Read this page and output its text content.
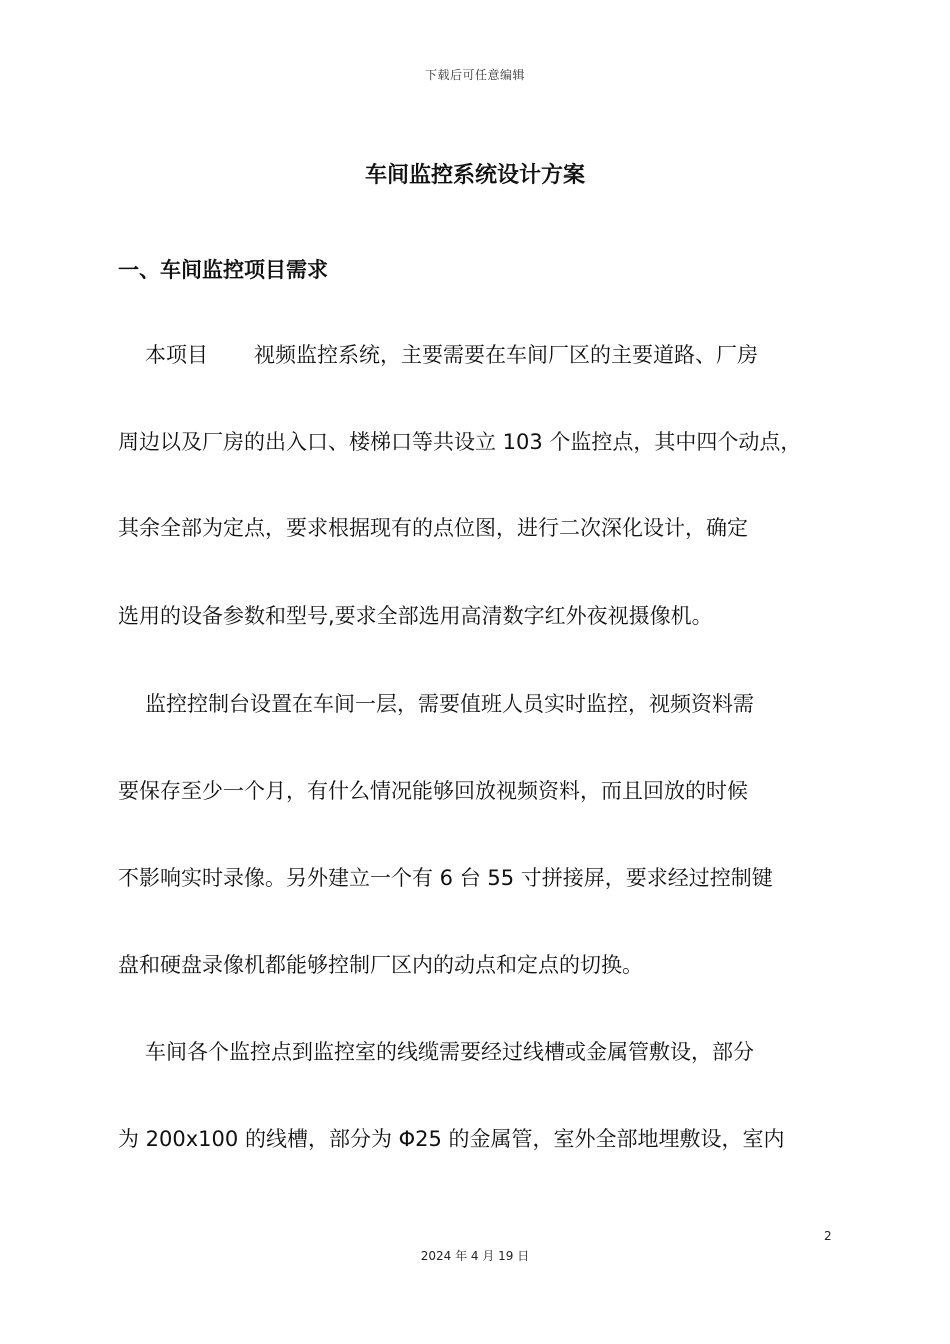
下载后可任意编辑
车间监控系统设计方案
一、车间监控项目需求

本项目 视频监控系统，主要需要在车间厂区的主要道路、厂房

周边以及厂房的出入口、楼梯口等共设立 103 个监控点，其中四个动点，

其余全部为定点，要求根据现有的点位图，进行二次深化设计，确定

选用的设备参数和型号,要求全部选用高清数字红外夜视摄像机。

监控控制台设置在车间一层，需要值班人员实时监控，视频资料需

要保存至少一个月，有什么情况能够回放视频资料，而且回放的时候

不影响实时录像。另外建立一个有 6 台 55 寸拼接屏，要求经过控制键

盘和硬盘录像机都能够控制厂区内的动点和定点的切换。

车间各个监控点到监控室的线缆需要经过线槽或金属管敷设，部分

为 200x100 的线槽，部分为 Φ25 的金属管，室外全部地埋敷设，室内

2
2024 年 4 月 19 日
